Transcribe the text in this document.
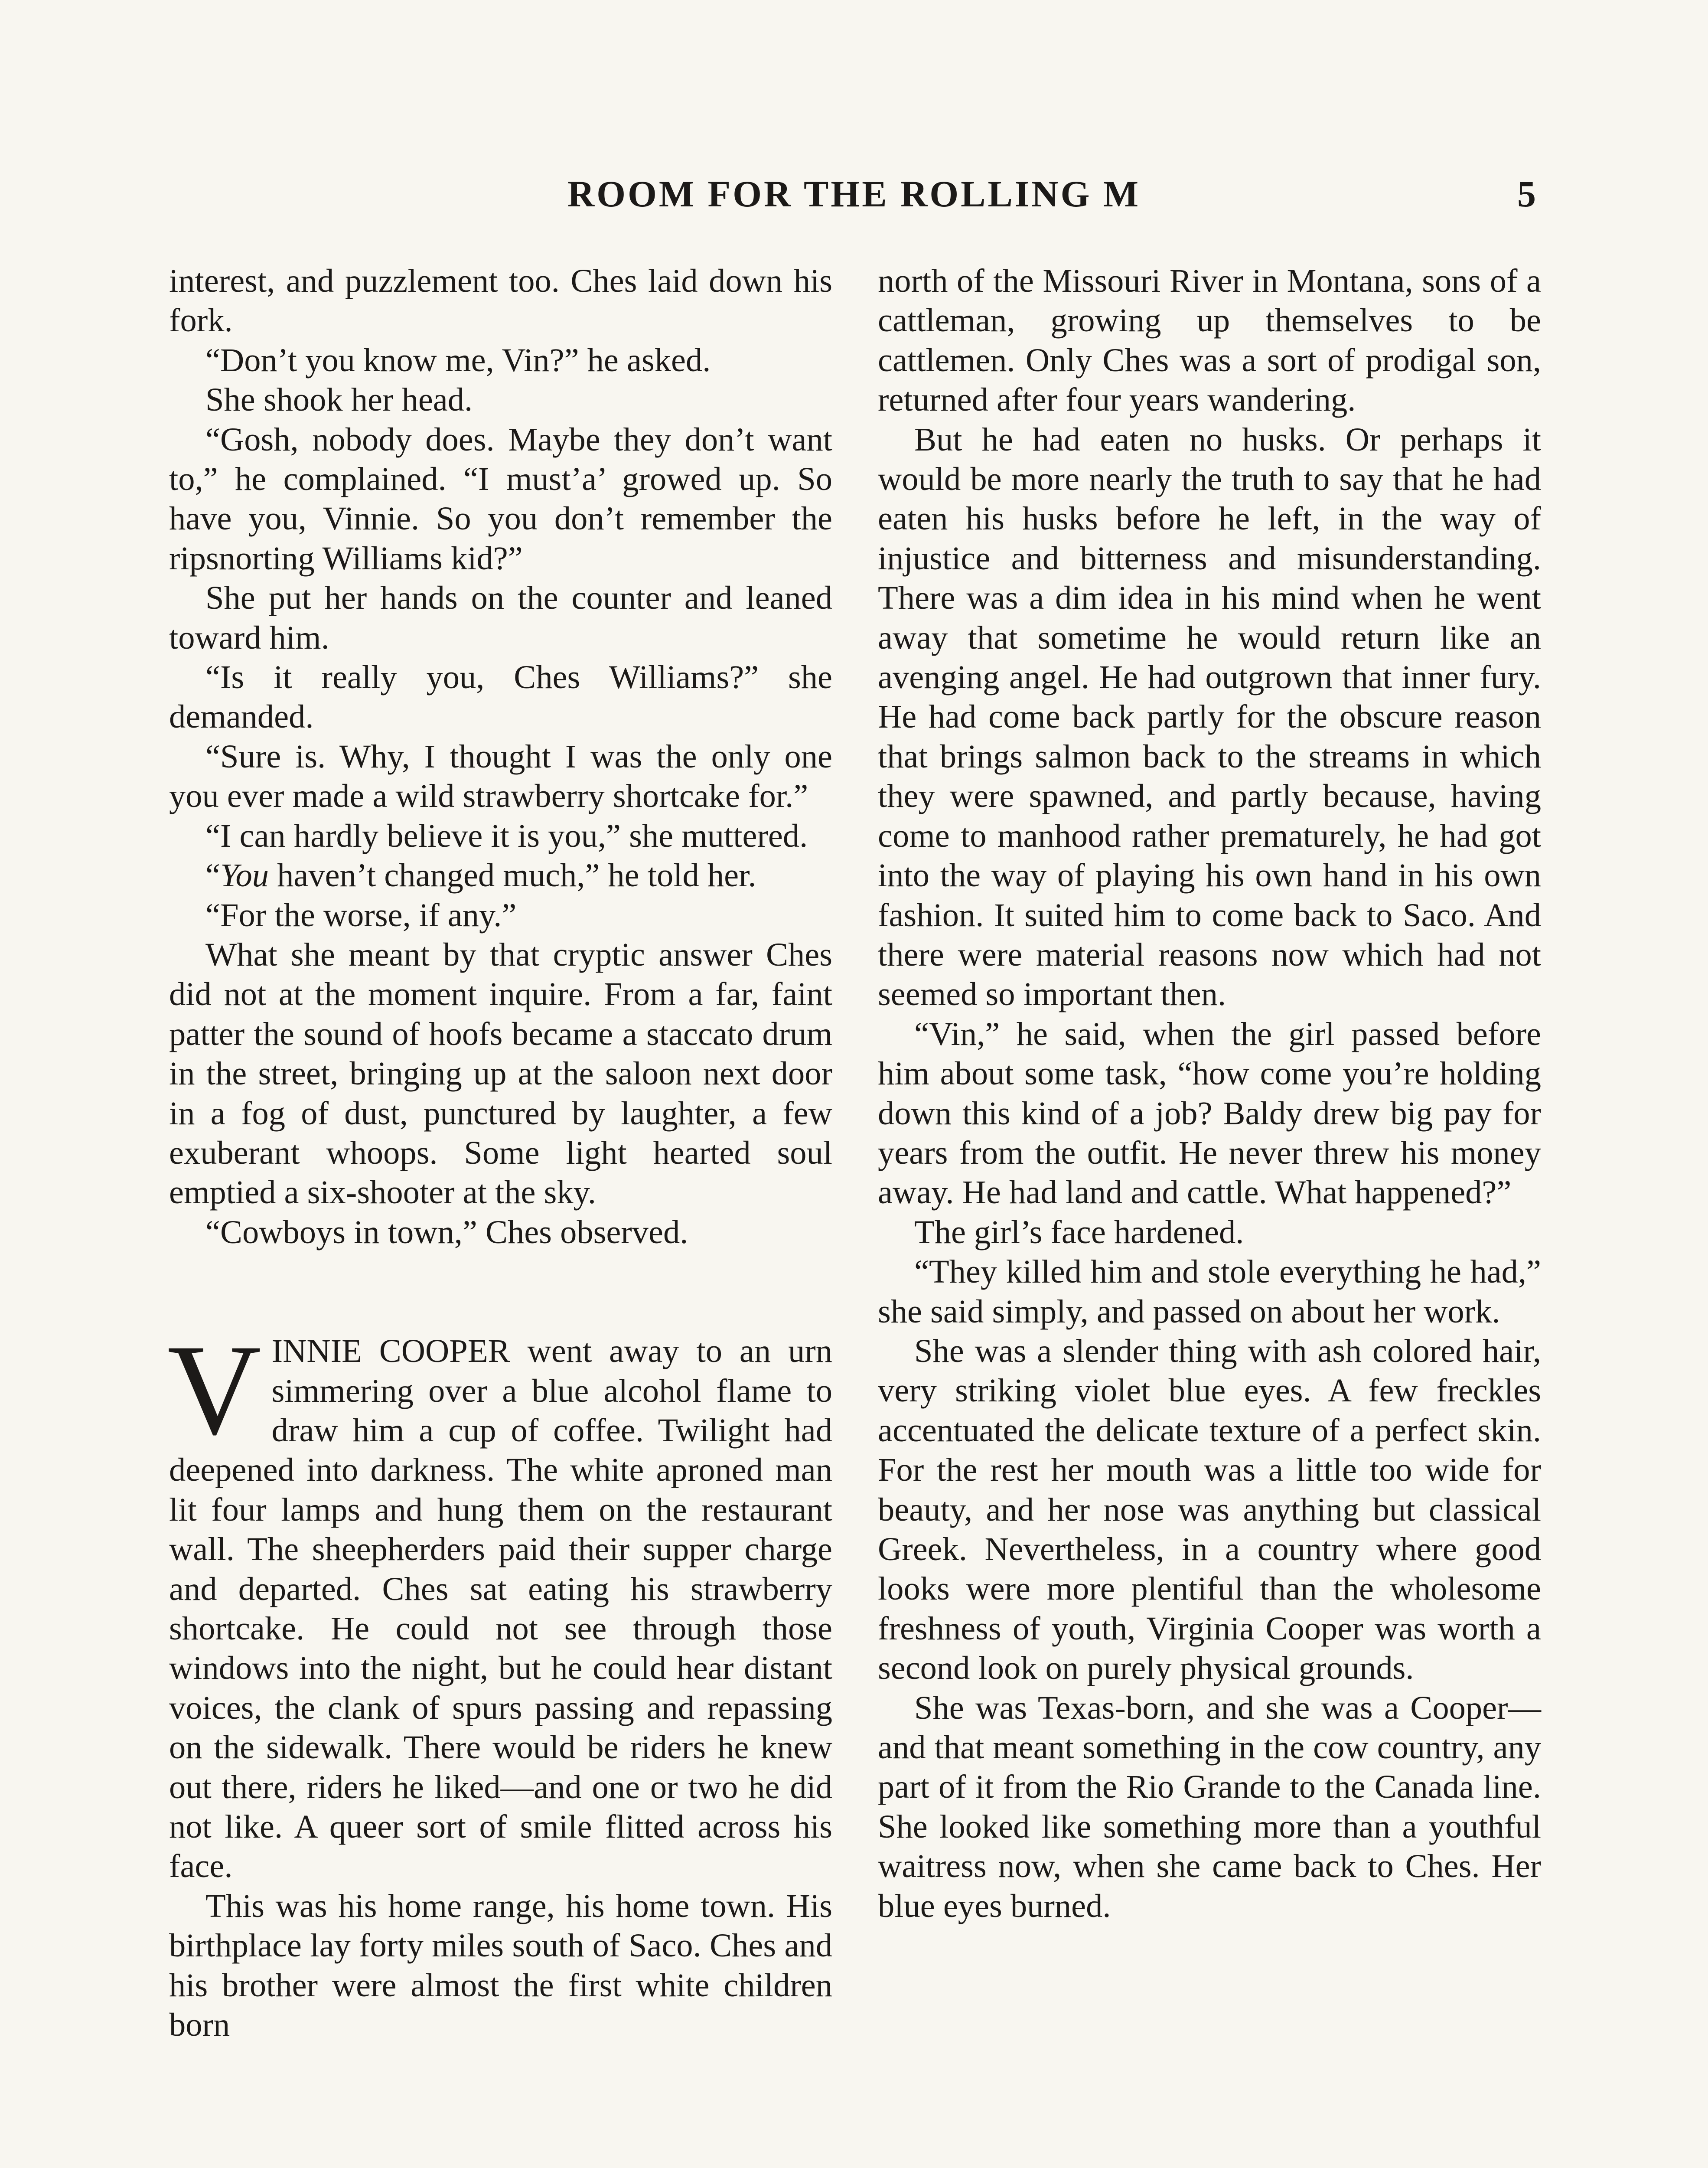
ROOM FOR THE ROLLING M	5

interest, and puzzlement too. Ches laid down his fork.

“Don’t you know me, Vin?” he asked.

She shook her head.

“Gosh, nobody does. Maybe they don’t want to,” he complained. “I must’a’ growed up. So have you, Vinnie. So you don’t remember the ripsnorting Williams kid?”

She put her hands on the counter and leaned toward him.

“Is it really you, Ches Williams?” she demanded.

“Sure is. Why, I thought I was the only one you ever made a wild strawberry shortcake for.”

“I can hardly believe it is you,” she muttered.

“You haven’t changed much,” he told her.

“For the worse, if any.”

What she meant by that cryptic answer Ches did not at the moment inquire. From a far, faint patter the sound of hoofs became a staccato drum in the street, bringing up at the saloon next door in a fog of dust, punctured by laughter, a few exuberant whoops. Some light hearted soul emptied a six-shooter at the sky.

“Cowboys in town,” Ches observed.

VINNIE COOPER went away to an urn simmering over a blue alcohol flame to draw him a cup of coffee. Twilight had deepened into darkness. The white aproned man lit four lamps and hung them on the restaurant wall. The sheepherders paid their supper charge and departed. Ches sat eating his strawberry shortcake. He could not see through those windows into the night, but he could hear distant voices, the clank of spurs passing and repassing on the sidewalk. There would be riders he knew out there, riders he liked—and one or two he did not like. A queer sort of smile flitted across his face.

This was his home range, his home town. His birthplace lay forty miles south of Saco. Ches and his brother were almost the first white children born

north of the Missouri River in Montana, sons of a cattleman, growing up themselves to be cattlemen. Only Ches was a sort of prodigal son, returned after four years wandering.

But he had eaten no husks. Or perhaps it would be more nearly the truth to say that he had eaten his husks before he left, in the way of injustice and bitterness and misunderstanding. There was a dim idea in his mind when he went away that sometime he would return like an avenging angel. He had outgrown that inner fury. He had come back partly for the obscure reason that brings salmon back to the streams in which they were spawned, and partly because, having come to manhood rather prematurely, he had got into the way of playing his own hand in his own fashion. It suited him to come back to Saco. And there were material reasons now which had not seemed so important then.

“Vin,” he said, when the girl passed before him about some task, “how come you’re holding down this kind of a job? Baldy drew big pay for years from the outfit. He never threw his money away. He had land and cattle. What happened?”

The girl’s face hardened.

“They killed him and stole everything he had,” she said simply, and passed on about her work.

She was a slender thing with ash colored hair, very striking violet blue eyes. A few freckles accentuated the delicate texture of a perfect skin. For the rest her mouth was a little too wide for beauty, and her nose was anything but classical Greek. Nevertheless, in a country where good looks were more plentiful than the wholesome freshness of youth, Virginia Cooper was worth a second look on purely physical grounds.

She was Texas-born, and she was a Cooper—and that meant something in the cow country, any part of it from the Rio Grande to the Canada line. She looked like something more than a youthful waitress now, when she came back to Ches. Her blue eyes burned.
